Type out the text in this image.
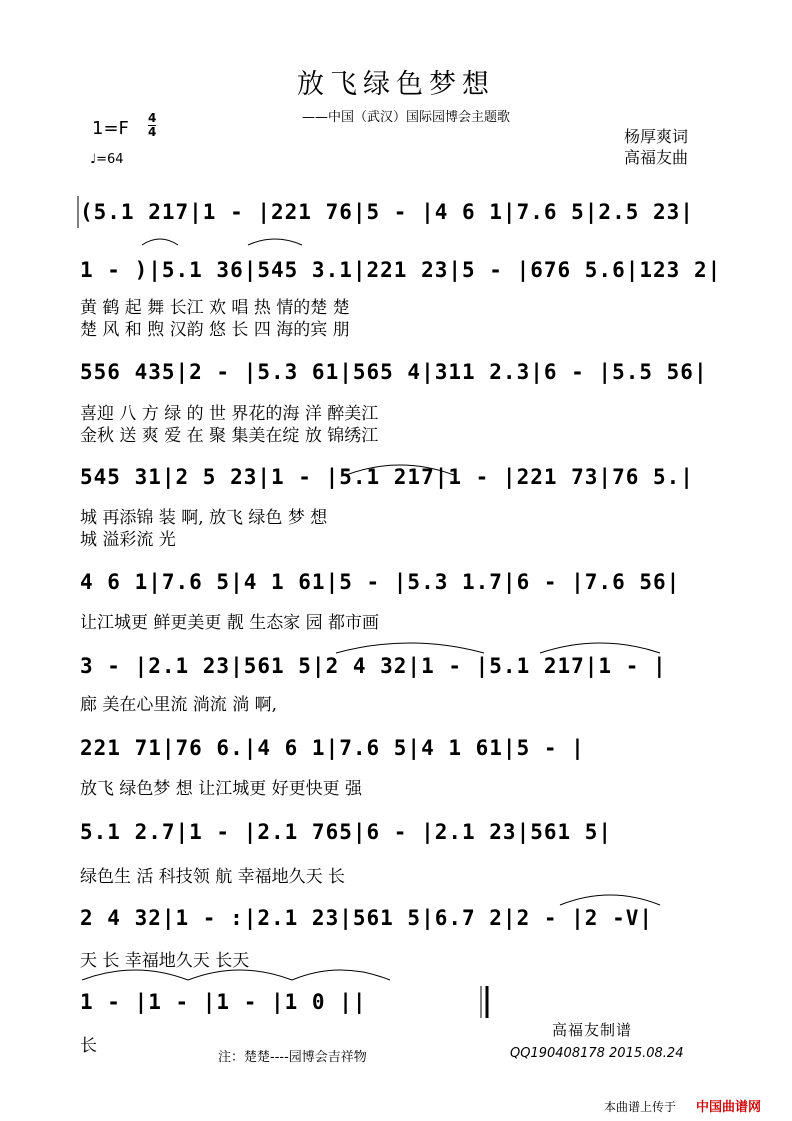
放飞绿色梦想
——中国（武汉）国际园博会主题歌
1=F 4
4
♩=64
杨厚爽词
高福友曲
(5.1 217|1 - |221 76|5 - |4 6 1|7.6 5|2.5 23|
1 - )|5.1 36|545 3.1|221 23|5 - |676 5.6|123 2|
黄 鹤 起 舞 长江 欢 唱 热 情的楚 楚
楚 风 和 煦 汉韵 悠 长 四 海的宾 朋
556 435|2 - |5.3 61|565 4|311 2.3|6 - |5.5 56|
喜迎 八 方 绿 的 世 界花的海 洋 醉美江
金秋 送 爽 爱 在 聚 集美在绽 放 锦绣江
545 31|2 5 23|1 - |5.1 217|1 - |221 73|76 5.|
城 再添锦 装 啊, 放飞 绿色 梦 想
城 溢彩流 光
4 6 1|7.6 5|4 1 61|5 - |5.3 1.7|6 - |7.6 56|
让江城更 鲜更美更 靓 生态家 园 都市画
3 - |2.1 23|561 5|2 4 32|1 - |5.1 217|1 - |
廊 美在心里流 淌流 淌 啊,
221 71|76 6.|4 6 1|7.6 5|4 1 61|5 - |
放飞 绿色梦 想 让江城更 好更快更 强
5.1 2.7|1 - |2.1 765|6 - |2.1 23|561 5|
绿色生 活 科技领 航 幸福地久天 长
2 4 32|1 - :|2.1 23|561 5|6.7 2|2 - |2 -V|
天 长 幸福地久天 长天
1 - |1 - |1 - |1 0 ||
长
高福友制谱
注：楚楚----园博会吉祥物	QQ190408178 2015.08.24
本曲谱上传于 中国曲谱网
